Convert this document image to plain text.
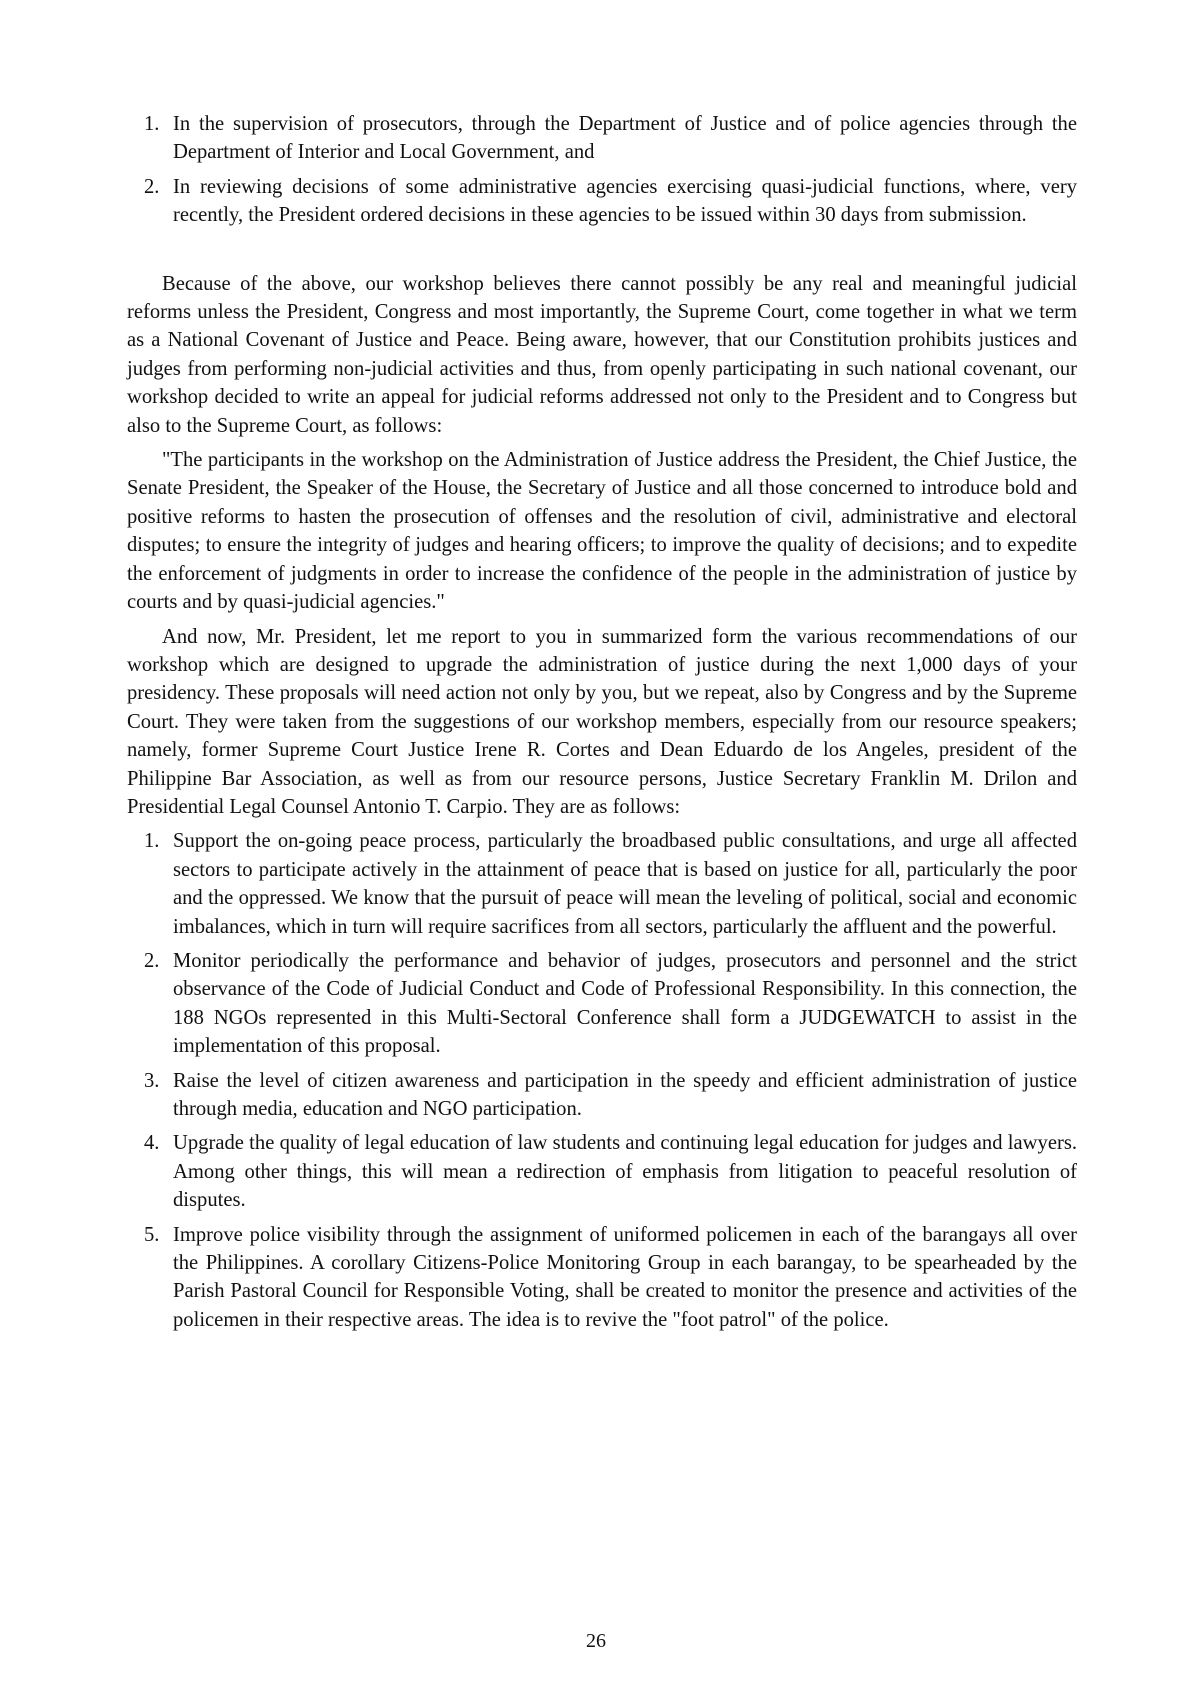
1. In the supervision of prosecutors, through the Department of Justice and of police agencies through the Department of Interior and Local Government, and
2. In reviewing decisions of some administrative agencies exercising quasi-judicial functions, where, very recently, the President ordered decisions in these agencies to be issued within 30 days from submission.

Because of the above, our workshop believes there cannot possibly be any real and meaningful judicial reforms unless the President, Congress and most importantly, the Supreme Court, come together in what we term as a National Covenant of Justice and Peace. Being aware, however, that our Constitution prohibits justices and judges from performing non-judicial activities and thus, from openly participating in such national covenant, our workshop decided to write an appeal for judicial reforms addressed not only to the President and to Congress but also to the Supreme Court, as follows:

"The participants in the workshop on the Administration of Justice address the President, the Chief Justice, the Senate President, the Speaker of the House, the Secretary of Justice and all those concerned to introduce bold and positive reforms to hasten the prosecution of offenses and the resolution of civil, administrative and electoral disputes; to ensure the integrity of judges and hearing officers; to improve the quality of decisions; and to expedite the enforcement of judgments in order to increase the confidence of the people in the administration of justice by courts and by quasi-judicial agencies."

And now, Mr. President, let me report to you in summarized form the various recommendations of our workshop which are designed to upgrade the administration of justice during the next 1,000 days of your presidency. These proposals will need action not only by you, but we repeat, also by Congress and by the Supreme Court. They were taken from the suggestions of our workshop members, especially from our resource speakers; namely, former Supreme Court Justice Irene R. Cortes and Dean Eduardo de los Angeles, president of the Philippine Bar Association, as well as from our resource persons, Justice Secretary Franklin M. Drilon and Presidential Legal Counsel Antonio T. Carpio. They are as follows:

1. Support the on-going peace process, particularly the broadbased public consultations, and urge all affected sectors to participate actively in the attainment of peace that is based on justice for all, particularly the poor and the oppressed. We know that the pursuit of peace will mean the leveling of political, social and economic imbalances, which in turn will require sacrifices from all sectors, particularly the affluent and the powerful.
2. Monitor periodically the performance and behavior of judges, prosecutors and personnel and the strict observance of the Code of Judicial Conduct and Code of Professional Responsibility. In this connection, the 188 NGOs represented in this Multi-Sectoral Conference shall form a JUDGEWATCH to assist in the implementation of this proposal.
3. Raise the level of citizen awareness and participation in the speedy and efficient administration of justice through media, education and NGO participation.
4. Upgrade the quality of legal education of law students and continuing legal education for judges and lawyers. Among other things, this will mean a redirection of emphasis from litigation to peaceful resolution of disputes.
5. Improve police visibility through the assignment of uniformed policemen in each of the barangays all over the Philippines. A corollary Citizens-Police Monitoring Group in each barangay, to be spearheaded by the Parish Pastoral Council for Responsible Voting, shall be created to monitor the presence and activities of the policemen in their respective areas. The idea is to revive the "foot patrol" of the police.
26
